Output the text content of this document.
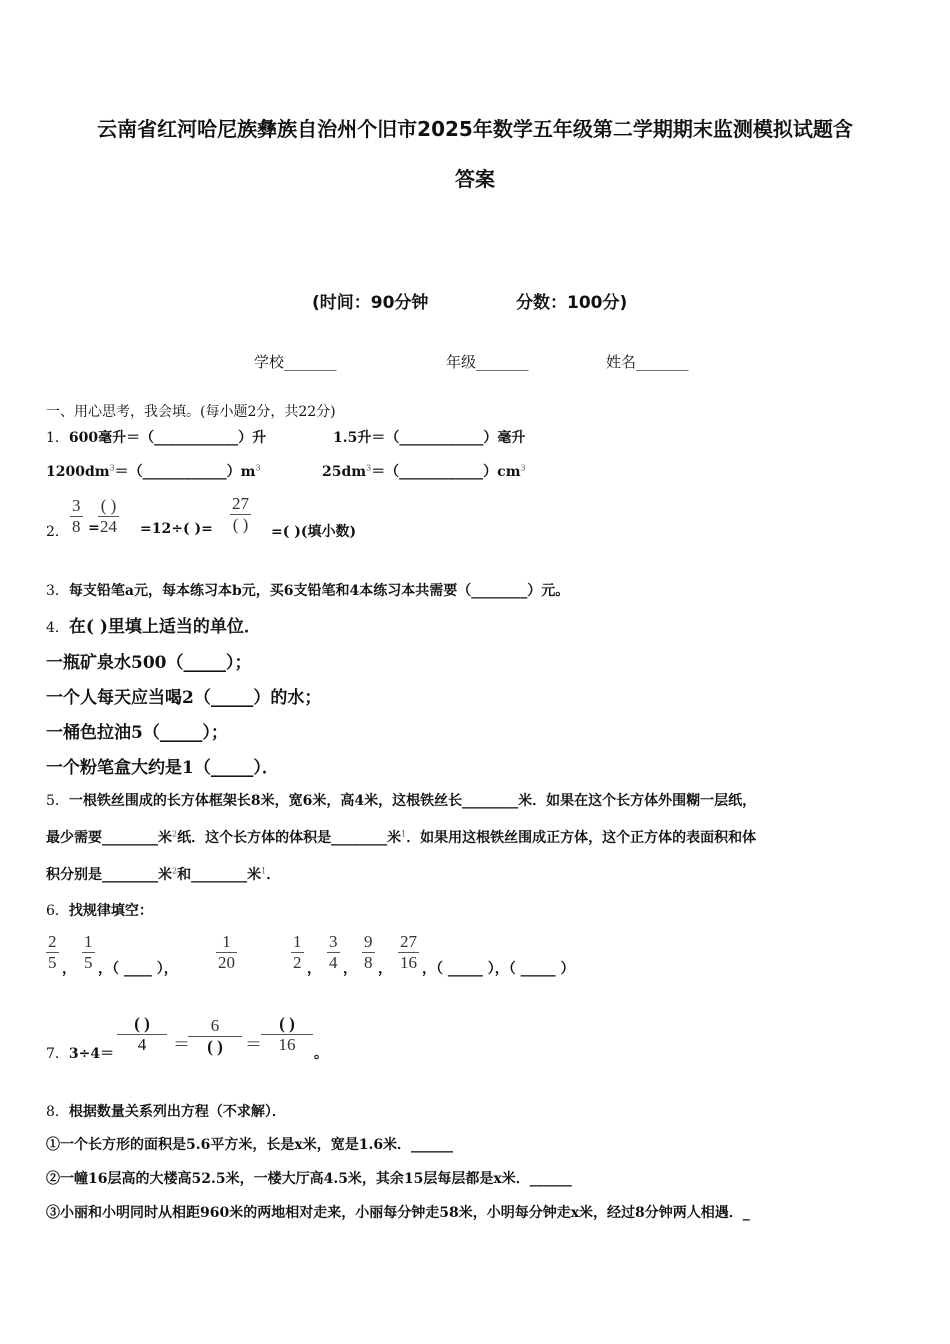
云南省红河哈尼族彝族自治州个旧市2025年数学五年级第二学期期末监测模拟试题含
答案
(时间：90分钟	分数：100分)
学校_______	年级_______	姓名_______
一、用心思考，我会填。(每小题2分，共22分)
1．600毫升＝（____________）升	1.5升＝（____________）毫升
$1200dm^3=(\_\_\_\_\_\_\_\_\_\_\_\_)m^3$	$25dm^3=(\_\_\_\_\_\_\_\_\_\_\_\_)cm^3$
2．
3
8 =
( )
24 =12÷( )=
27
( ) =( )(填小数)
3．每支铅笔a元，每本练习本b元，买6支铅笔和4本练习本共需要（________）元。
4．在( )里填上适当的单位．
一瓶矿泉水500（_____）；
一个人每天应当喝2（_____）的水；
一桶色拉油5（_____）；
一个粉笔盒大约是1（_____）．
5．一根铁丝围成的长方体框架长8米，宽6米，高4米，这根铁丝长________米．如果在这个长方体外围糊一层纸，
最少需要________米$^2$纸．这个长方体的体积是________米$^1$．如果用这根铁丝围成正方体，这个正方体的表面积和体
积分别是________米$^2$和________米$^1$．
6．找规律填空：
2
5 ，
1
5 ，（ ____ ），
1
20
1
2 ，
3
4 ，
9
8 ，
27
16 ，（ _____ ），（ _____ ）
7．3÷4＝
( )
4 ＝
6
( ) ＝
( )
16 。
8．根据数量关系列出方程（不求解）．
①一个长方形的面积是5.6平方米，长是x米，宽是1.6米．______
②一幢16层高的大楼高52.5米，一楼大厅高4.5米，其余15层每层都是x米．______
③小丽和小明同时从相距960米的两地相对走来，小丽每分钟走58米，小明每分钟走x米，经过8分钟两人相遇．_
